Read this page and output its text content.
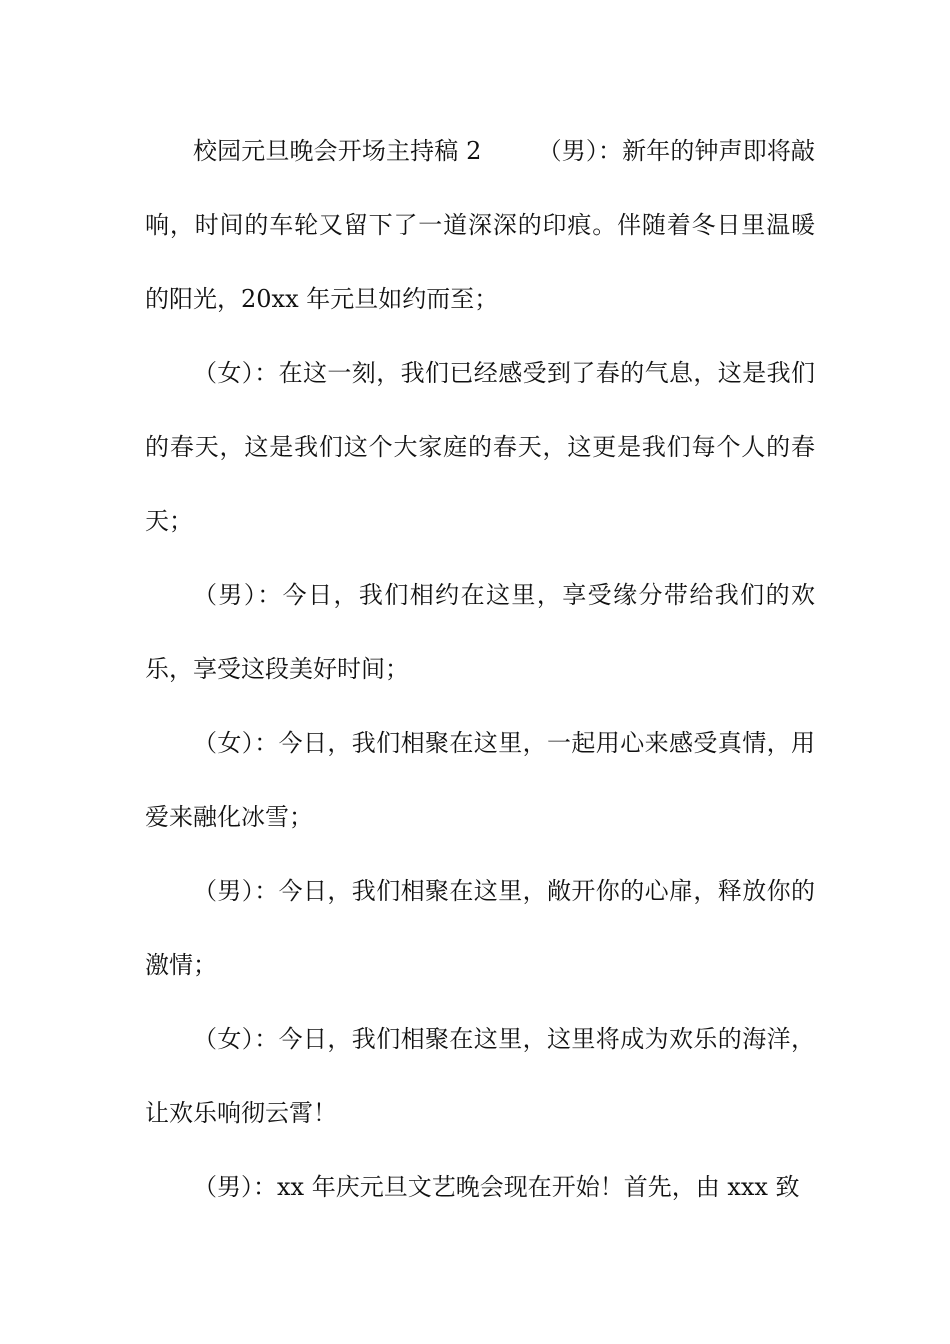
校园元旦晚会开场主持稿 2 （男）：新年的钟声即将敲响，时间的车轮又留下了一道深深的印痕。伴随着冬日里温暖的阳光，20xx 年元旦如约而至；

（女）：在这一刻，我们已经感受到了春的气息，这是我们的春天，这是我们这个大家庭的春天，这更是我们每个人的春天；

（男）：今日，我们相约在这里，享受缘分带给我们的欢乐，享受这段美好时间；

（女）：今日，我们相聚在这里，一起用心来感受真情，用爱来融化冰雪；

（男）：今日，我们相聚在这里，敞开你的心扉，释放你的激情；

（女）：今日，我们相聚在这里，这里将成为欢乐的海洋，让欢乐响彻云霄！

（男）：xx 年庆元旦文艺晚会现在开始！首先，由 xxx 致
